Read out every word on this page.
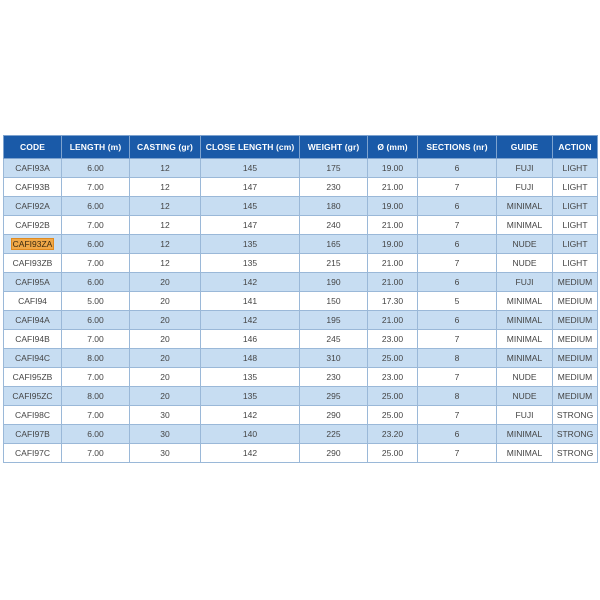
CODE	LENGTH (m)	CASTING (gr)	CLOSE LENGTH (cm)	WEIGHT (gr)	Ø (mm)	SECTIONS (nr)	GUIDE	ACTION
CAFI93A	6.00	12	145	175	19.00	6	FUJI	LIGHT
CAFI93B	7.00	12	147	230	21.00	7	FUJI	LIGHT
CAFI92A	6.00	12	145	180	19.00	6	MINIMAL	LIGHT
CAFI92B	7.00	12	147	240	21.00	7	MINIMAL	LIGHT
CAFI93ZA	6.00	12	135	165	19.00	6	NUDE	LIGHT
CAFI93ZB	7.00	12	135	215	21.00	7	NUDE	LIGHT
CAFI95A	6.00	20	142	190	21.00	6	FUJI	MEDIUM
CAFI94	5.00	20	141	150	17.30	5	MINIMAL	MEDIUM
CAFI94A	6.00	20	142	195	21.00	6	MINIMAL	MEDIUM
CAFI94B	7.00	20	146	245	23.00	7	MINIMAL	MEDIUM
CAFI94C	8.00	20	148	310	25.00	8	MINIMAL	MEDIUM
CAFI95ZB	7.00	20	135	230	23.00	7	NUDE	MEDIUM
CAFI95ZC	8.00	20	135	295	25.00	8	NUDE	MEDIUM
CAFI98C	7.00	30	142	290	25.00	7	FUJI	STRONG
CAFI97B	6.00	30	140	225	23.20	6	MINIMAL	STRONG
CAFI97C	7.00	30	142	290	25.00	7	MINIMAL	STRONG
